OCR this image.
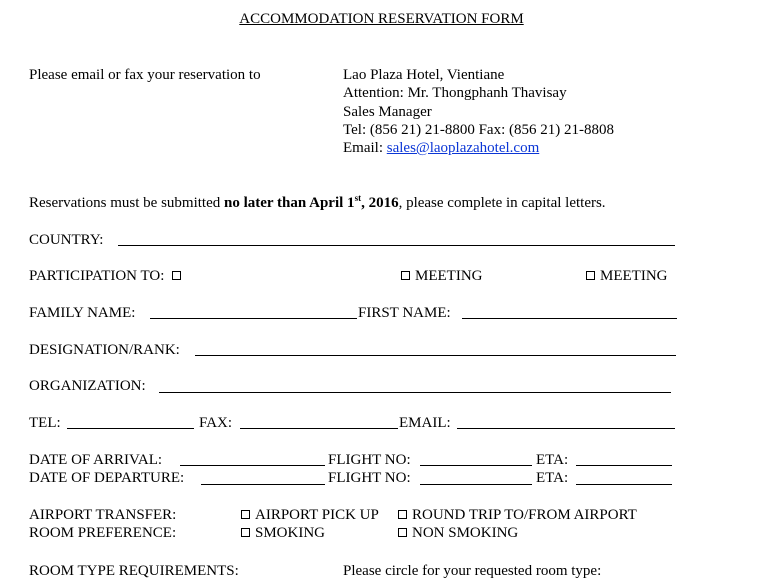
ACCOMMODATION RESERVATION FORM
Please email or fax your reservation to	Lao Plaza Hotel, Vientiane
Attention: Mr. Thongphanh Thavisay
Sales Manager
Tel: (856 21) 21-8800 Fax: (856 21) 21-8808
Email: sales@laoplazahotel.com
Reservations must be submitted no later than April 1st, 2016, please complete in capital letters.
COUNTRY:
PARTICIPATION TO:	MEETING	MEETING
FAMILY NAME:	FIRST NAME:
DESIGNATION/RANK:
ORGANIZATION:
TEL:	FAX:	EMAIL:
DATE OF ARRIVAL:	FLIGHT NO:	ETA:
DATE OF DEPARTURE:	FLIGHT NO:	ETA:
AIRPORT TRANSFER:	AIRPORT PICK UP	ROUND TRIP TO/FROM AIRPORT
ROOM PREFERENCE:	SMOKING	NON SMOKING
ROOM TYPE REQUIREMENTS:	Please circle for your requested room type:
